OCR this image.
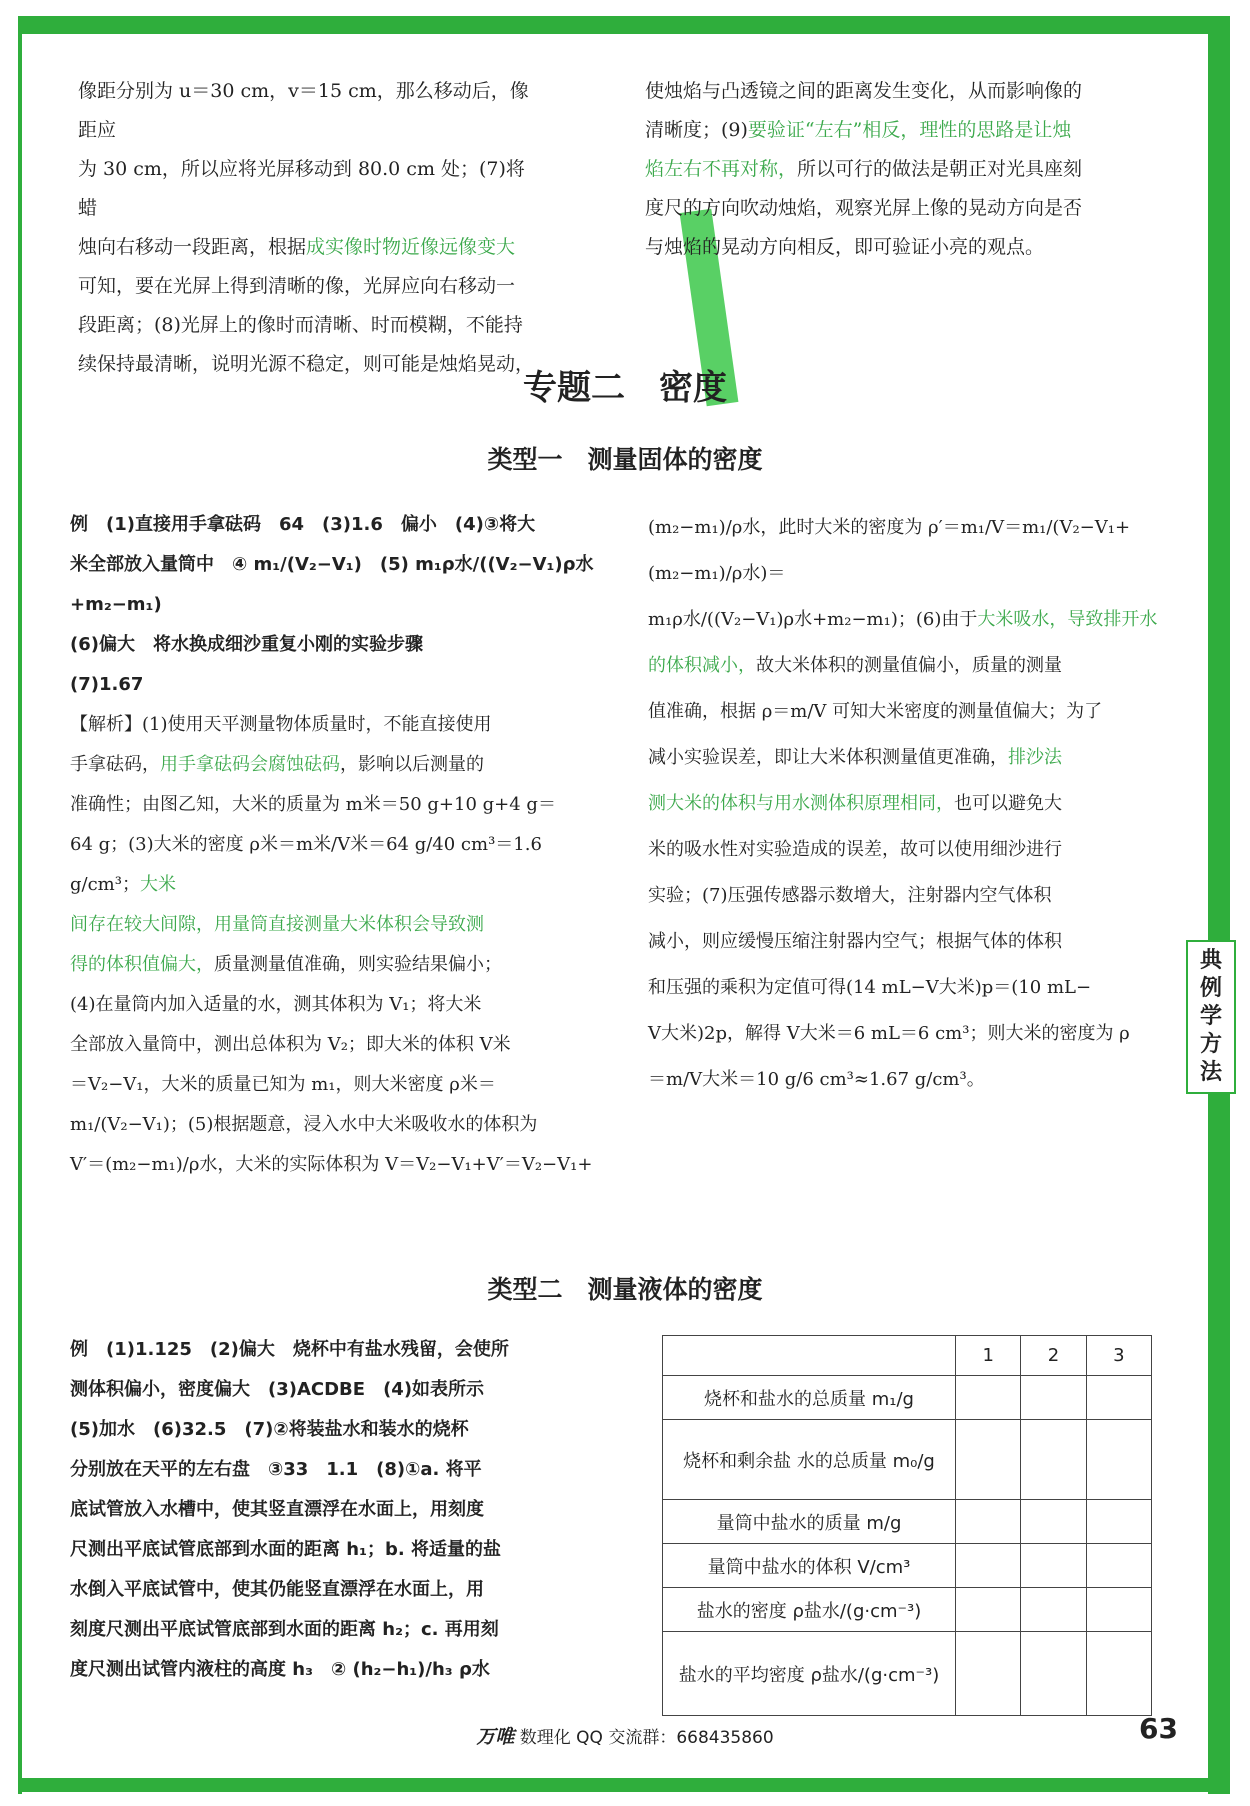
典
例
学
方
法

像距分别为 u＝30 cm，v＝15 cm，那么移动后，像距应

为 30 cm，所以应将光屏移动到 80.0 cm 处；(7)将蜡

烛向右移动一段距离，根据成实像时物近像远像变大

可知，要在光屏上得到清晰的像，光屏应向右移动一

段距离；(8)光屏上的像时而清晰、时而模糊，不能持

续保持最清晰，说明光源不稳定，则可能是烛焰晃动，

使烛焰与凸透镜之间的距离发生变化，从而影响像的

清晰度；(9)要验证“左右”相反，理性的思路是让烛

焰左右不再对称，所以可行的做法是朝正对光具座刻

度尺的方向吹动烛焰，观察光屏上像的晃动方向是否

与烛焰的晃动方向相反，即可验证小亮的观点。

专题二　密度
类型一　测量固体的密度

例　(1)直接用手拿砝码　64　(3)1.6　偏小　(4)③将大

米全部放入量筒中　④ m₁/(V₂−V₁)　(5) m₁ρ水/((V₂−V₁)ρ水+m₂−m₁)

(6)偏大　将水换成细沙重复小刚的实验步骤

(7)1.67

【解析】(1)使用天平测量物体质量时，不能直接使用

手拿砝码，用手拿砝码会腐蚀砝码，影响以后测量的

准确性；由图乙知，大米的质量为 m米＝50 g+10 g+4 g＝

64 g；(3)大米的密度 ρ米＝m米/V米＝64 g/40 cm³＝1.6 g/cm³；大米

间存在较大间隙，用量筒直接测量大米体积会导致测

得的体积值偏大，质量测量值准确，则实验结果偏小；

(4)在量筒内加入适量的水，测其体积为 V₁；将大米

全部放入量筒中，测出总体积为 V₂；即大米的体积 V米

＝V₂−V₁，大米的质量已知为 m₁，则大米密度 ρ米＝

m₁/(V₂−V₁)；(5)根据题意，浸入水中大米吸收水的体积为

V′＝(m₂−m₁)/ρ水，大米的实际体积为 V＝V₂−V₁+V′＝V₂−V₁+

(m₂−m₁)/ρ水，此时大米的密度为 ρ′＝m₁/V＝m₁/(V₂−V₁+(m₂−m₁)/ρ水)＝

m₁ρ水/((V₂−V₁)ρ水+m₂−m₁)；(6)由于大米吸水，导致排开水

的体积减小，故大米体积的测量值偏小，质量的测量

值准确，根据 ρ＝m/V 可知大米密度的测量值偏大；为了

减小实验误差，即让大米体积测量值更准确，排沙法

测大米的体积与用水测体积原理相同，也可以避免大

米的吸水性对实验造成的误差，故可以使用细沙进行

实验；(7)压强传感器示数增大，注射器内空气体积

减小，则应缓慢压缩注射器内空气；根据气体的体积

和压强的乘积为定值可得(14 mL−V大米)p＝(10 mL−

V大米)2p，解得 V大米＝6 mL＝6 cm³；则大米的密度为 ρ

＝m/V大米＝10 g/6 cm³≈1.67 g/cm³。

类型二　测量液体的密度

例　(1)1.125　(2)偏大　烧杯中有盐水残留，会使所

测体积偏小，密度偏大　(3)ACDBE　(4)如表所示

(5)加水　(6)32.5　(7)②将装盐水和装水的烧杯

分别放在天平的左右盘　③33　1.1　(8)①a. 将平

底试管放入水槽中，使其竖直漂浮在水面上，用刻度

尺测出平底试管底部到水面的距离 h₁；b. 将适量的盐

水倒入平底试管中，使其仍能竖直漂浮在水面上，用

刻度尺测出平底试管底部到水面的距离 h₂；c. 再用刻

度尺测出试管内液柱的高度 h₃　② (h₂−h₁)/h₃ ρ水

	1	2	3
烧杯和盐水的总质量 m₁/g			
烧杯和剩余盐 水的总质量 m₀/g			
量筒中盐水的质量 m/g			
量筒中盐水的体积 V/cm³			
盐水的密度 ρ盐水/(g·cm⁻³)			
盐水的平均密度 ρ盐水/(g·cm⁻³)			
万唯 数理化 QQ 交流群：668435860	63
